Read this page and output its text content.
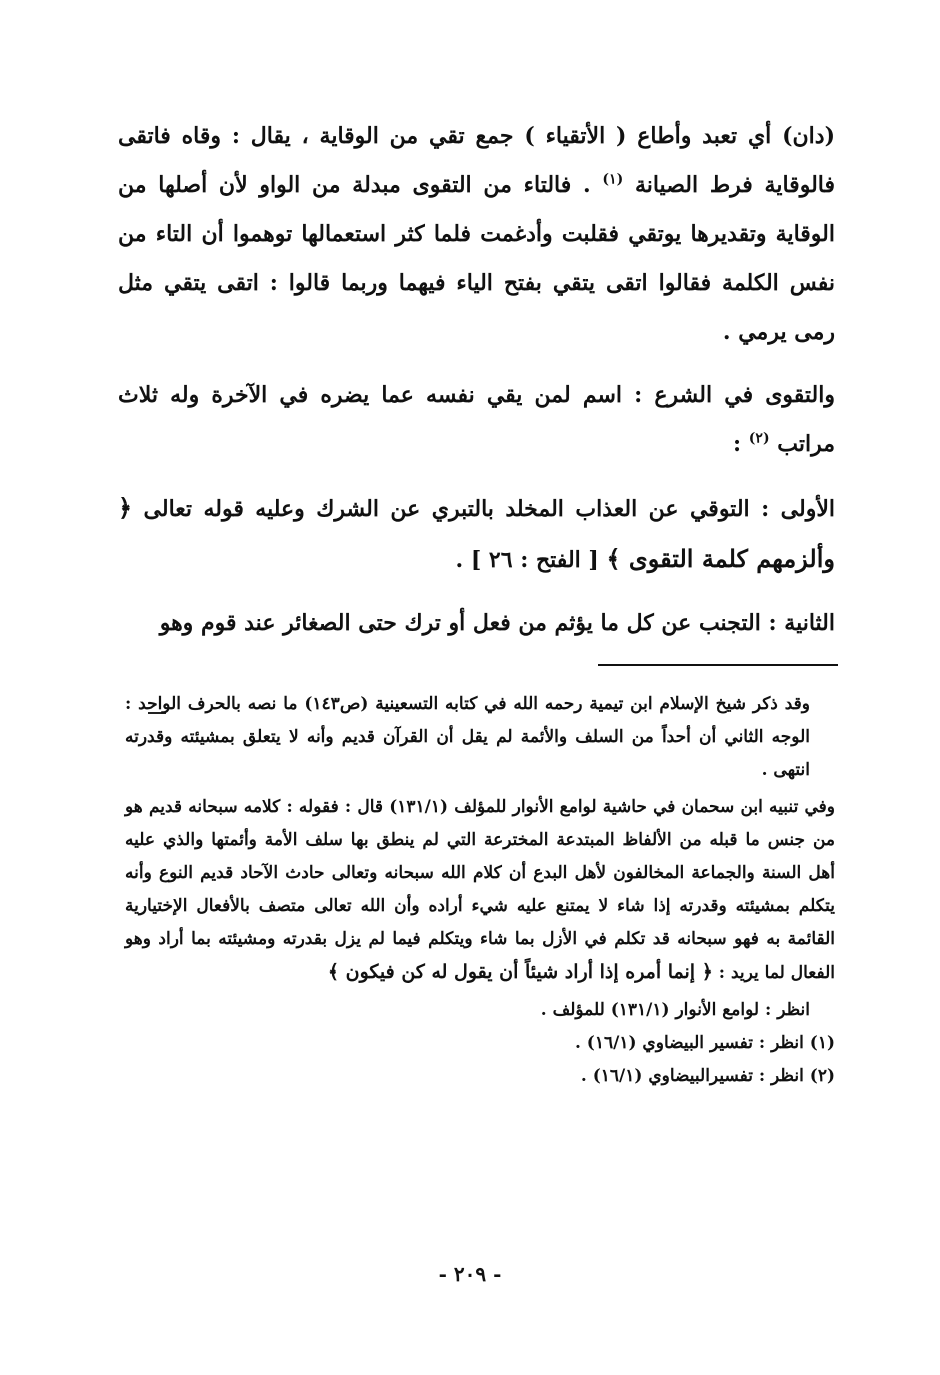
(دان) أي تعبد وأطاع ( الأتقياء ) جمع تقي من الوقاية ، يقال : وقاه فاتقى فالوقاية فرط الصيانة $^{(١)}$ . فالتاء من التقوى مبدلة من الواو لأن أصلها من الوقاية وتقديرها يوتقي فقلبت وأدغمت فلما كثر استعمالها توهموا أن التاء من نفس الكلمة فقالوا اتقى يتقي بفتح الياء فيهما وربما قالوا : اتقى يتقي مثل رمى يرمي .

والتقوى في الشرع : اسم لمن يقي نفسه عما يضره في الآخرة وله ثلاث مراتب $^{(٢)}$ :

الأولى : التوقي عن العذاب المخلد بالتبري عن الشرك وعليه قوله تعالى ﴿ وألزمهم كلمة التقوى ﴾ [ الفتح : ٢٦ ] .

الثانية : التجنب عن كل ما يؤثم من فعل أو ترك حتى الصغائر عند قوم وهو

وقد ذكر شيخ الإسلام ابن تيمية رحمه الله في كتابه التسعينية (ص١٤٣) ما نصه بالحرف الواحد : الوجه الثاني أن أحداً من السلف والأئمة لم يقل أن القرآن قديم وأنه لا يتعلق بمشيئته وقدرته انتهى .

وفي تنبيه ابن سحمان في حاشية لوامع الأنوار للمؤلف (١٣١/١) قال : فقوله : كلامه سبحانه قديم هو من جنس ما قبله من الألفاظ المبتدعة المخترعة التي لم ينطق بها سلف الأمة وأئمتها والذي عليه أهل السنة والجماعة المخالفون لأهل البدع أن كلام الله سبحانه وتعالى حادث الآحاد قديم النوع وأنه يتكلم بمشيئته وقدرته إذا شاء لا يمتنع عليه شيء أراده وأن الله تعالى متصف بالأفعال الإختيارية القائمة به فهو سبحانه قد تكلم في الأزل بما شاء ويتكلم فيما لم يزل بقدرته ومشيئته بما أراد وهو الفعال لما يريد : ﴿ إنما أمره إذا أراد شيئاً أن يقول له كن فيكون ﴾

انظر : لوامع الأنوار (١٣١/١) للمؤلف .

(١) انظر : تفسير البيضاوي (١٦/١) .

(٢) انظر : تفسيرالبيضاوي (١٦/١) .

- ٢٠٩ -
